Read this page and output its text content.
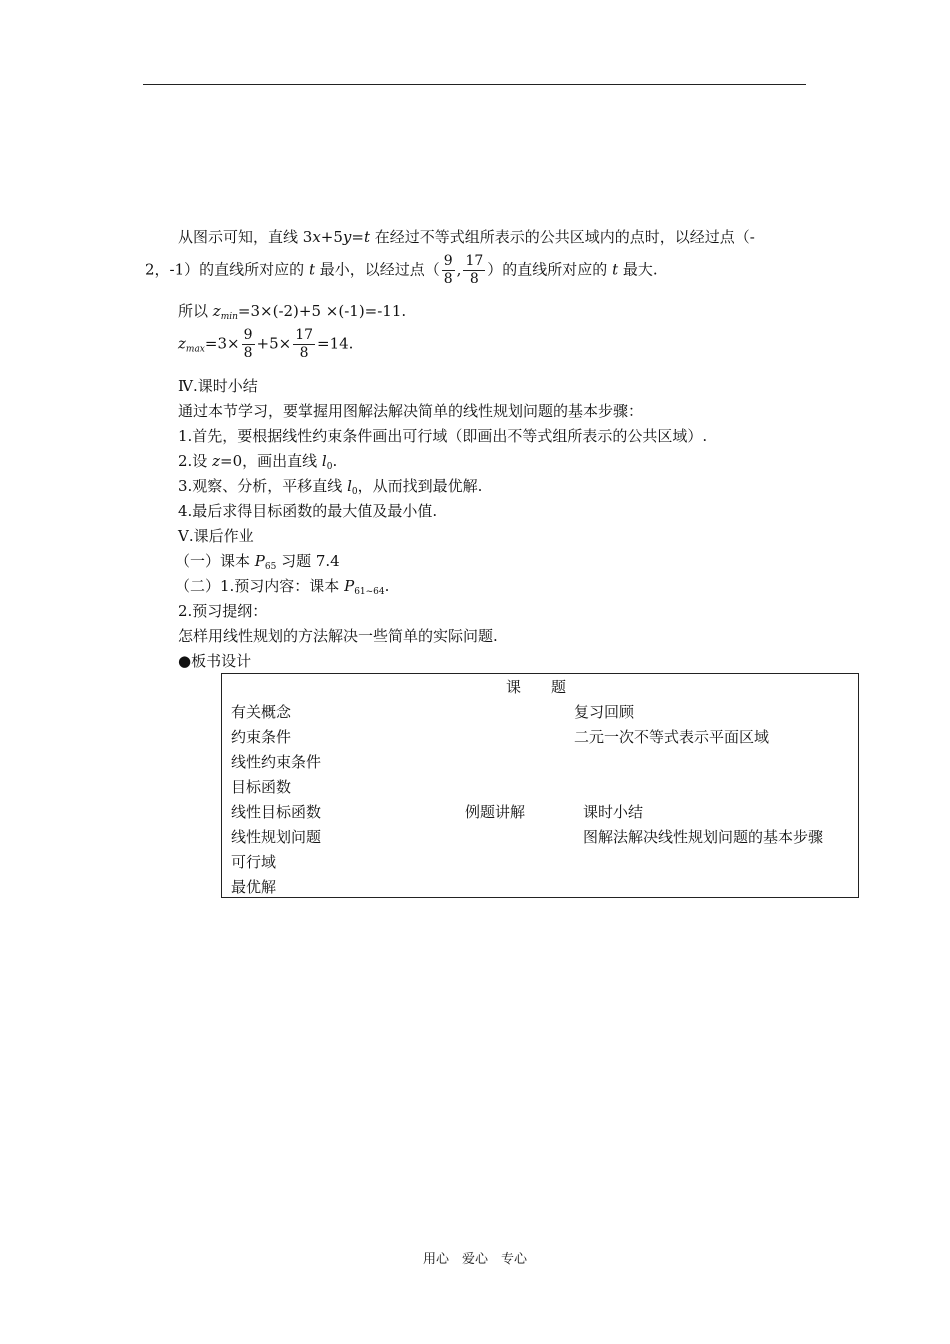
从图示可知，直线 3x+5y=t 在经过不等式组所表示的公共区域内的点时，以经过点（-
2，-1）的直线所对应的 t 最小，以经过点（ $\frac{9}{8}$ , $\frac{17}{8}$ ）的直线所对应的 t 最大.
所以 $z_{min}=3\times(-2)+5 \times(-1)=-11$.
$z_{max}=3\times \frac{9}{8} +5\times \frac{17}{8} =14$.
Ⅳ.课时小结
通过本节学习，要掌握用图解法解决简单的线性规划问题的基本步骤：
1.首先，要根据线性约束条件画出可行域（即画出不等式组所表示的公共区域）.
2.设 z=0，画出直线 $l_0$.
3.观察、分析，平移直线 $l_0$，从而找到最优解.
4.最后求得目标函数的最大值及最小值.
Ⅴ.课后作业
（一）课本 $P_{65}$ 习题 7.4
（二）1.预习内容：课本 $P_{61\sim 64}$.
2.预习提纲：
怎样用线性规划的方法解决一些简单的实际问题.
●板书设计
课　　题
有关概念
约束条件
线性约束条件
目标函数
线性目标函数
线性规划问题
可行域
最优解
例题讲解
复习回顾
二元一次不等式表示平面区域
课时小结
图解法解决线性规划问题的基本步骤
用心　爱心　专心
